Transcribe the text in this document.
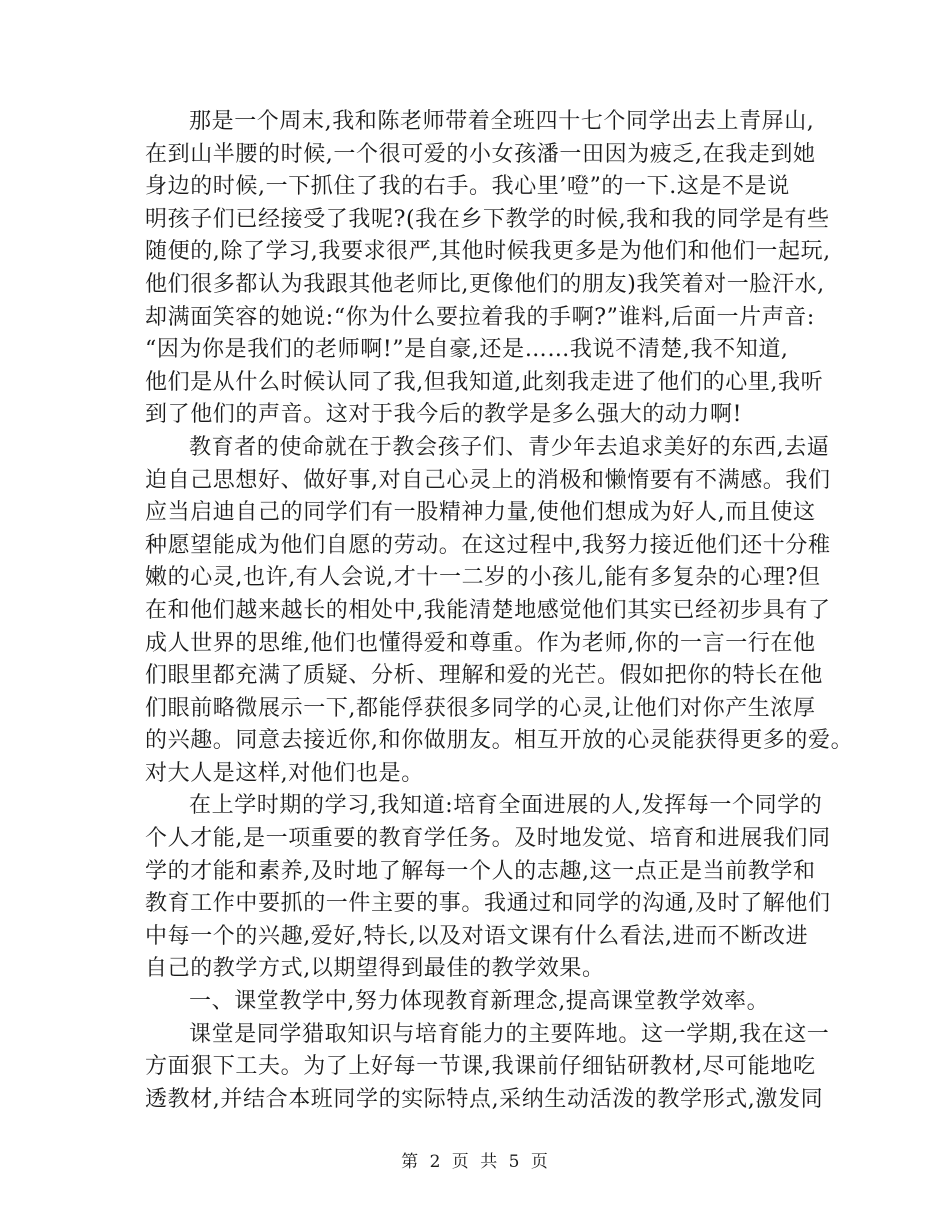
那是一个周末,我和陈老师带着全班四十七个同学出去上青屏山,
在到山半腰的时候,一个很可爱的小女孩潘一田因为疲乏,在我走到她
身边的时候,一下抓住了我的右手。我心里’噔”的一下.这是不是说
明孩子们已经接受了我呢?(我在乡下教学的时候,我和我的同学是有些
随便的,除了学习,我要求很严,其他时候我更多是为他们和他们一起玩,
他们很多都认为我跟其他老师比,更像他们的朋友)我笑着对一脸汗水,
却满面笑容的她说:“你为什么要拉着我的手啊?”谁料,后面一片声音:
“因为你是我们的老师啊!”是自豪,还是……我说不清楚,我不知道,
他们是从什么时候认同了我,但我知道,此刻我走进了他们的心里,我听
到了他们的声音。这对于我今后的教学是多么强大的动力啊!
教育者的使命就在于教会孩子们、青少年去追求美好的东西,去逼
迫自己思想好、做好事,对自己心灵上的消极和懒惰要有不满感。我们
应当启迪自己的同学们有一股精神力量,使他们想成为好人,而且使这
种愿望能成为他们自愿的劳动。在这过程中,我努力接近他们还十分稚
嫩的心灵,也许,有人会说,才十一二岁的小孩儿,能有多复杂的心理?但
在和他们越来越长的相处中,我能清楚地感觉他们其实已经初步具有了
成人世界的思维,他们也懂得爱和尊重。作为老师,你的一言一行在他
们眼里都充满了质疑、分析、理解和爱的光芒。假如把你的特长在他
们眼前略微展示一下,都能俘获很多同学的心灵,让他们对你产生浓厚
的兴趣。同意去接近你,和你做朋友。相互开放的心灵能获得更多的爱。
对大人是这样,对他们也是。
在上学时期的学习,我知道:培育全面进展的人,发挥每一个同学的
个人才能,是一项重要的教育学任务。及时地发觉、培育和进展我们同
学的才能和素养,及时地了解每一个人的志趣,这一点正是当前教学和
教育工作中要抓的一件主要的事。我通过和同学的沟通,及时了解他们
中每一个的兴趣,爱好,特长,以及对语文课有什么看法,进而不断改进
自己的教学方式,以期望得到最佳的教学效果。
一、课堂教学中,努力体现教育新理念,提高课堂教学效率。
课堂是同学猎取知识与培育能力的主要阵地。这一学期,我在这一
方面狠下工夫。为了上好每一节课,我课前仔细钻研教材,尽可能地吃
透教材,并结合本班同学的实际特点,采纳生动活泼的教学形式,激发同
第 2 页 共 5 页
